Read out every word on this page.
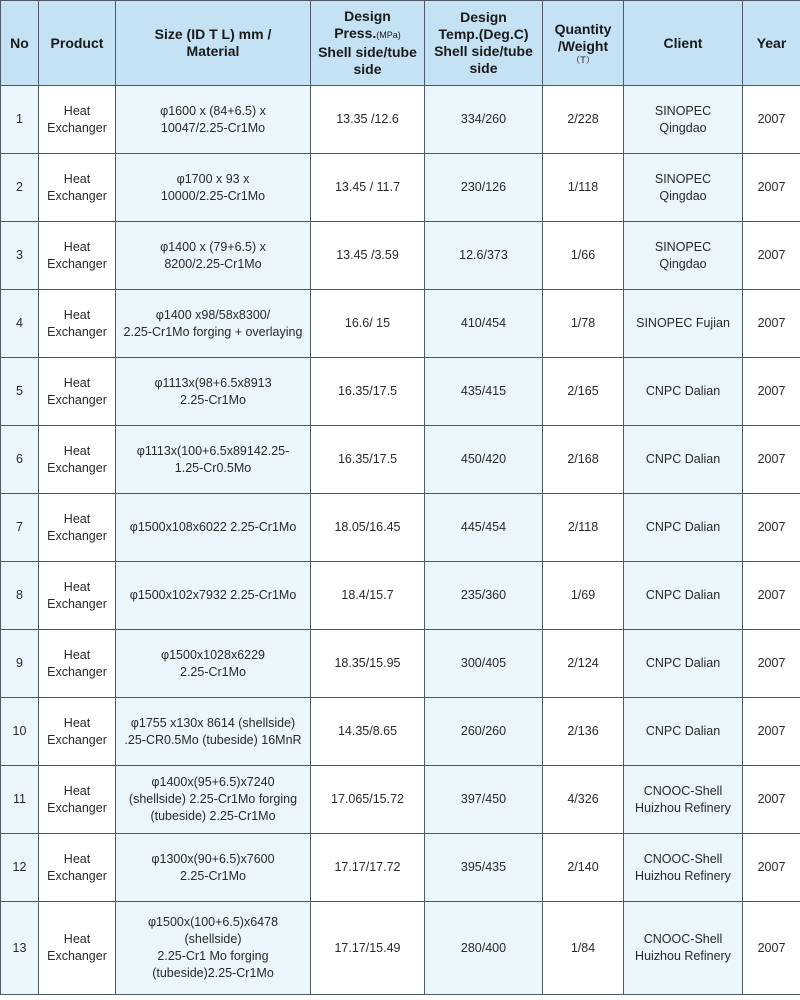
No	Product	Size (ID T L) mm /
Material	Design
Press.(MPa)
Shell side/tube
side	Design
Temp.(Deg.C)
Shell side/tube
side	Quantity
/Weight
（T）	Client	Year
1	Heat
Exchanger	φ1600 x (84+6.5) x
10047/2.25-Cr1Mo	13.35 /12.6	334/260	2/228	SINOPEC
Qingdao	2007
2	Heat
Exchanger	φ1700 x 93 x
10000/2.25-Cr1Mo	13.45 / 11.7	230/126	1/118	SINOPEC
Qingdao	2007
3	Heat
Exchanger	φ1400 x (79+6.5) x
8200/2.25-Cr1Mo	13.45 /3.59	12.6/373	1/66	SINOPEC
Qingdao	2007
4	Heat
Exchanger	φ1400 x98/58x8300/
2.25-Cr1Mo forging + overlaying	16.6/ 15	410/454	1/78	SINOPEC Fujian	2007
5	Heat
Exchanger	φ1113x(98+6.5x8913
2.25-Cr1Mo	16.35/17.5	435/415	2/165	CNPC Dalian	2007
6	Heat
Exchanger	φ1113x(100+6.5x89142.25-
1.25-Cr0.5Mo	16.35/17.5	450/420	2/168	CNPC Dalian	2007
7	Heat
Exchanger	φ1500x108x6022 2.25-Cr1Mo	18.05/16.45	445/454	2/118	CNPC Dalian	2007
8	Heat
Exchanger	φ1500x102x7932 2.25-Cr1Mo	18.4/15.7	235/360	1/69	CNPC Dalian	2007
9	Heat
Exchanger	φ1500x1028x6229
2.25-Cr1Mo	18.35/15.95	300/405	2/124	CNPC Dalian	2007
10	Heat
Exchanger	φ1755 x130x 8614 (shellside)
.25-CR0.5Mo (tubeside) 16MnR	14.35/8.65	260/260	2/136	CNPC Dalian	2007
11	Heat
Exchanger	φ1400x(95+6.5)x7240
(shellside) 2.25-Cr1Mo forging
(tubeside) 2.25-Cr1Mo	17.065/15.72	397/450	4/326	CNOOC-Shell
Huizhou Refinery	2007
12	Heat
Exchanger	φ1300x(90+6.5)x7600
2.25-Cr1Mo	17.17/17.72	395/435	2/140	CNOOC-Shell
Huizhou Refinery	2007
13	Heat
Exchanger	φ1500x(100+6.5)x6478
(shellside)
2.25-Cr1 Mo forging
(tubeside)2.25-Cr1Mo	17.17/15.49	280/400	1/84	CNOOC-Shell
Huizhou Refinery	2007
